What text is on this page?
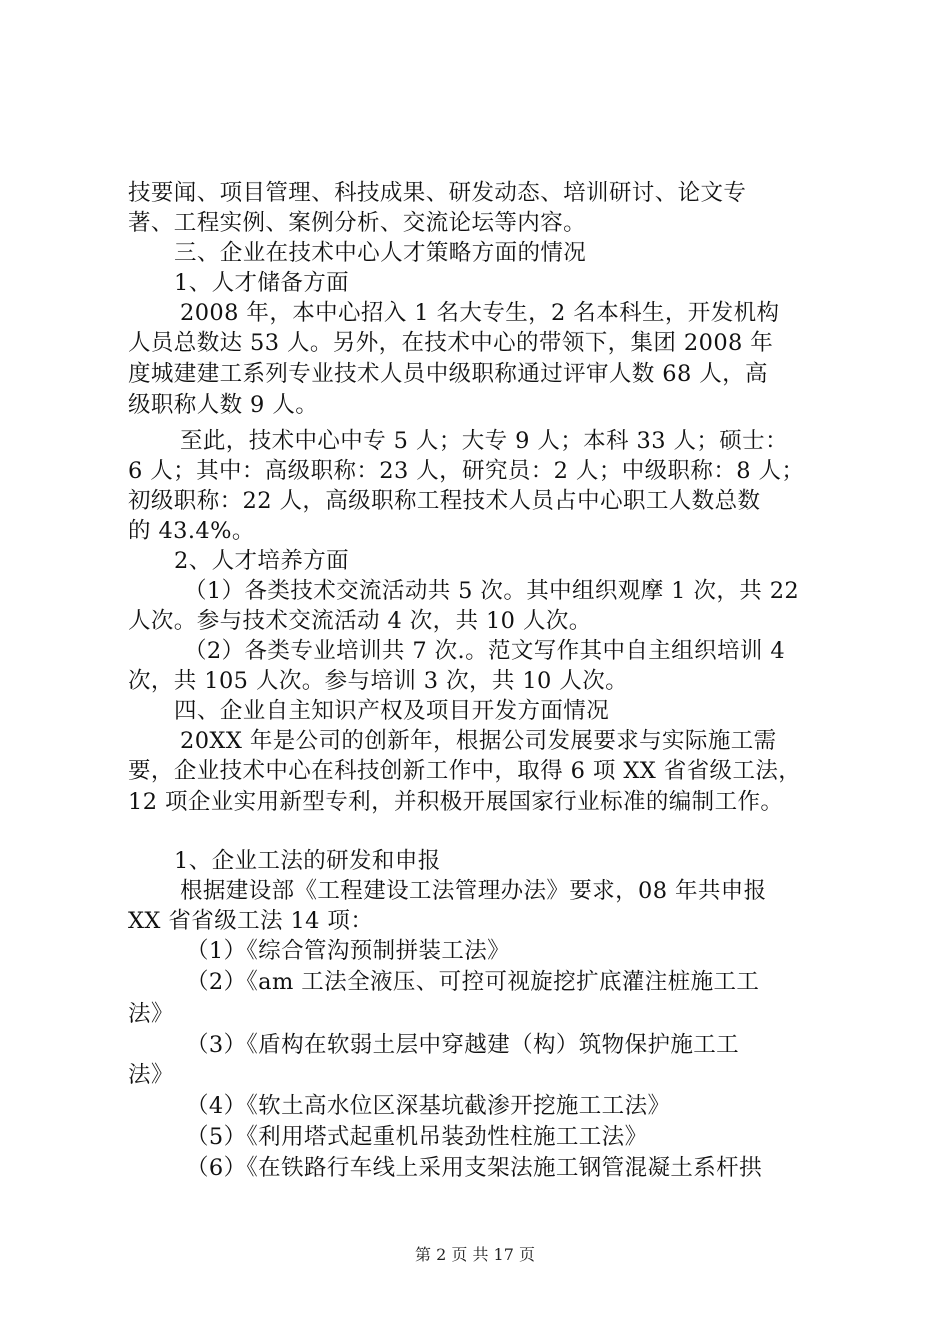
技要闻、项目管理、科技成果、研发动态、培训研讨、论文专
著、工程实例、案例分析、交流论坛等内容。
三、企业在技术中心人才策略方面的情况
1、人才储备方面
2008 年，本中心招入 1 名大专生，2 名本科生，开发机构
人员总数达 53 人。另外，在技术中心的带领下，集团 2008 年
度城建建工系列专业技术人员中级职称通过评审人数 68 人，高
级职称人数 9 人。
至此，技术中心中专 5 人；大专 9 人；本科 33 人；硕士：
6 人；其中：高级职称：23 人，研究员：2 人；中级职称：8 人；
初级职称：22 人，高级职称工程技术人员占中心职工人数总数
的 43.4%。
2、人才培养方面
（1）各类技术交流活动共 5 次。其中组织观摩 1 次，共 22
人次。参与技术交流活动 4 次，共 10 人次。
（2）各类专业培训共 7 次.。范文写作其中自主组织培训 4
次，共 105 人次。参与培训 3 次，共 10 人次。
四、企业自主知识产权及项目开发方面情况
20XX 年是公司的创新年，根据公司发展要求与实际施工需
要，企业技术中心在科技创新工作中，取得 6 项 XX 省省级工法，
12 项企业实用新型专利，并积极开展国家行业标准的编制工作。
1、企业工法的研发和申报
根据建设部《工程建设工法管理办法》要求，08 年共申报
XX 省省级工法 14 项：
（1）《综合管沟预制拼装工法》
（2）《am 工法全液压、可控可视旋挖扩底灌注桩施工工
法》
（3）《盾构在软弱土层中穿越建（构）筑物保护施工工
法》
（4）《软土高水位区深基坑截渗开挖施工工法》
（5）《利用塔式起重机吊装劲性柱施工工法》
（6）《在铁路行车线上采用支架法施工钢管混凝土系杆拱
第 2 页 共 17 页
